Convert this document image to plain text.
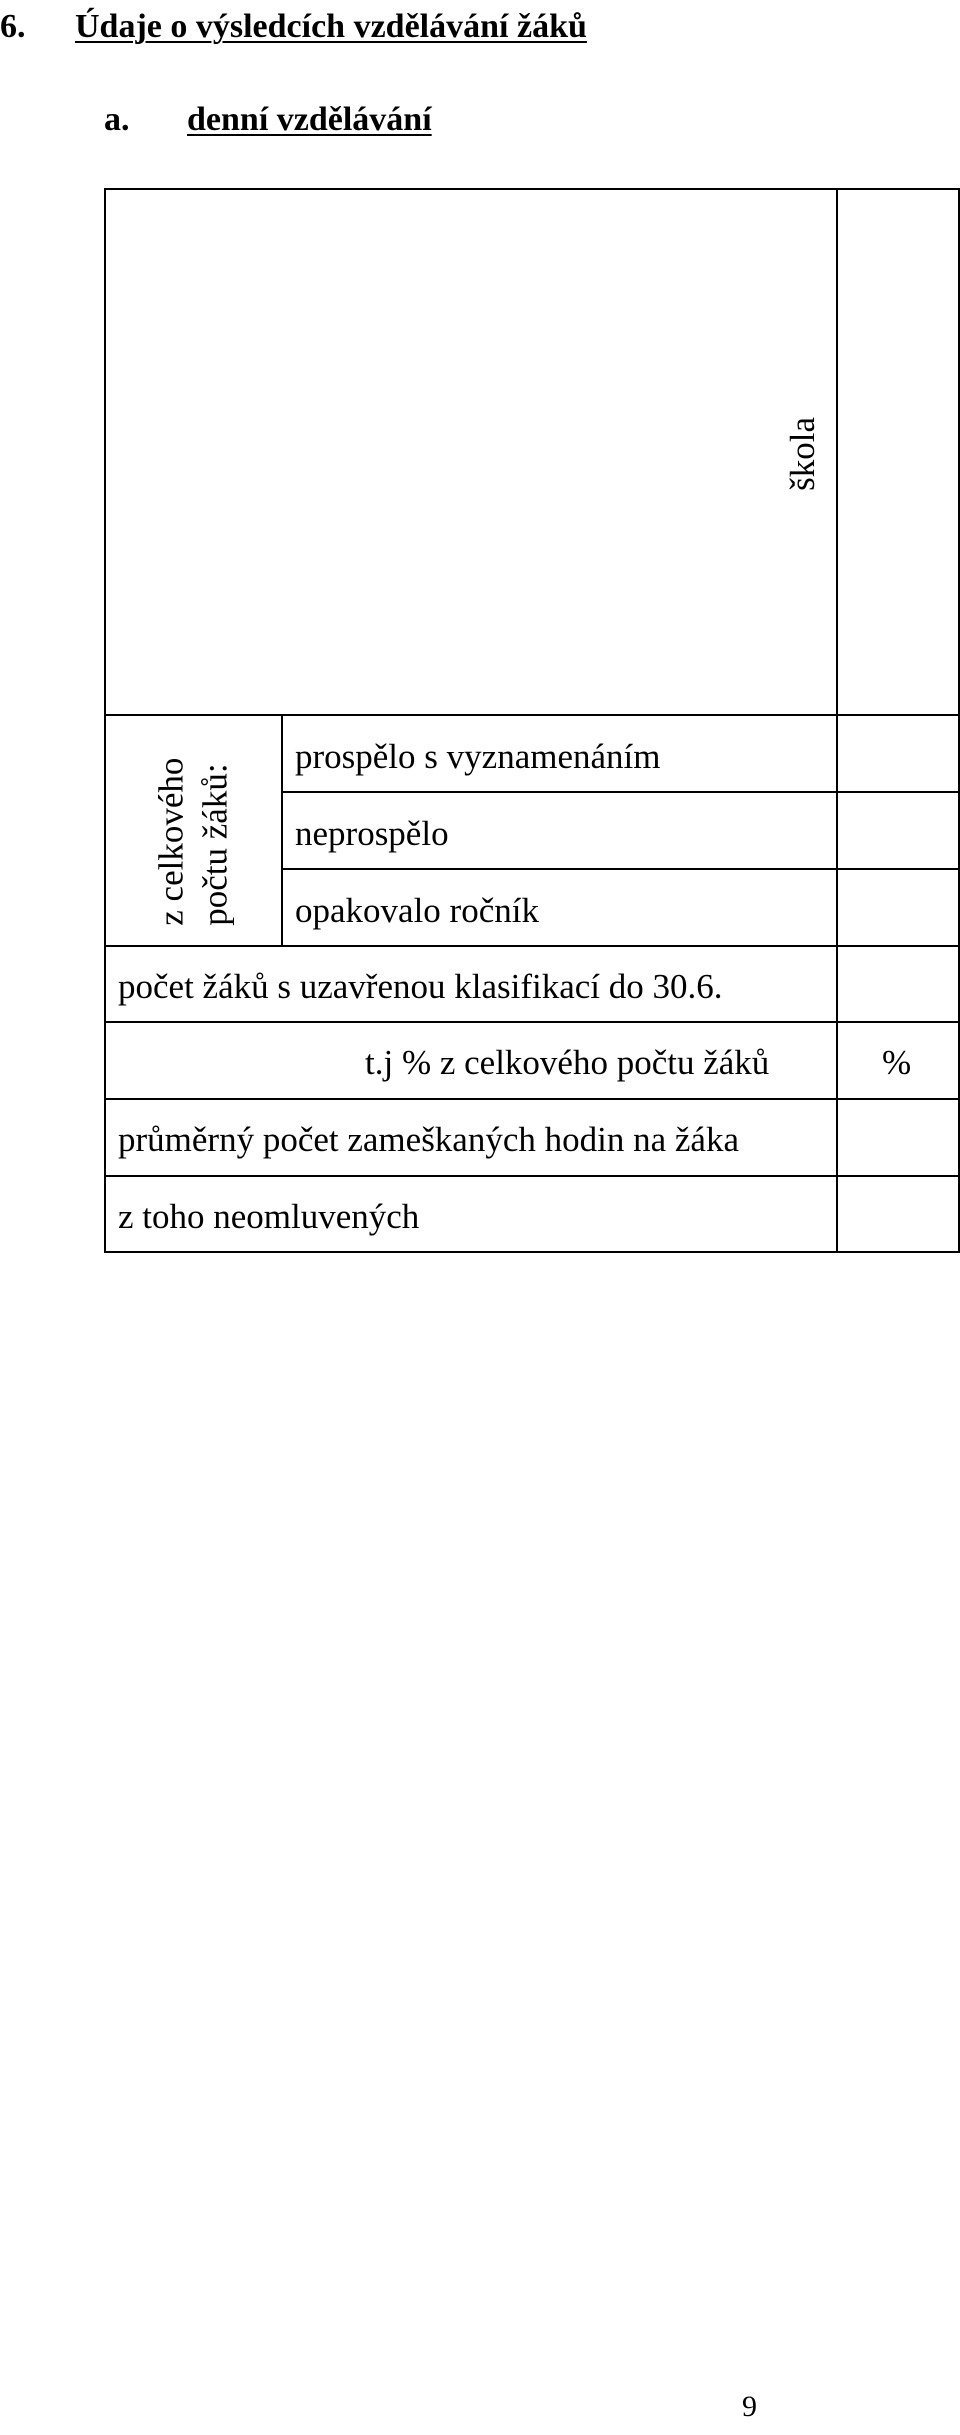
6. Údaje o výsledcích vzdělávání žáků
a. denní vzdělávání
škola
z celkového počtu žáků:
prospělo s vyznamenáním
neprospělo
opakovalo ročník
počet žáků s uzavřenou klasifikací do 30.6.
t.j % z celkového počtu žáků	%
průměrný počet zameškaných hodin na žáka
z toho neomluvených
9
